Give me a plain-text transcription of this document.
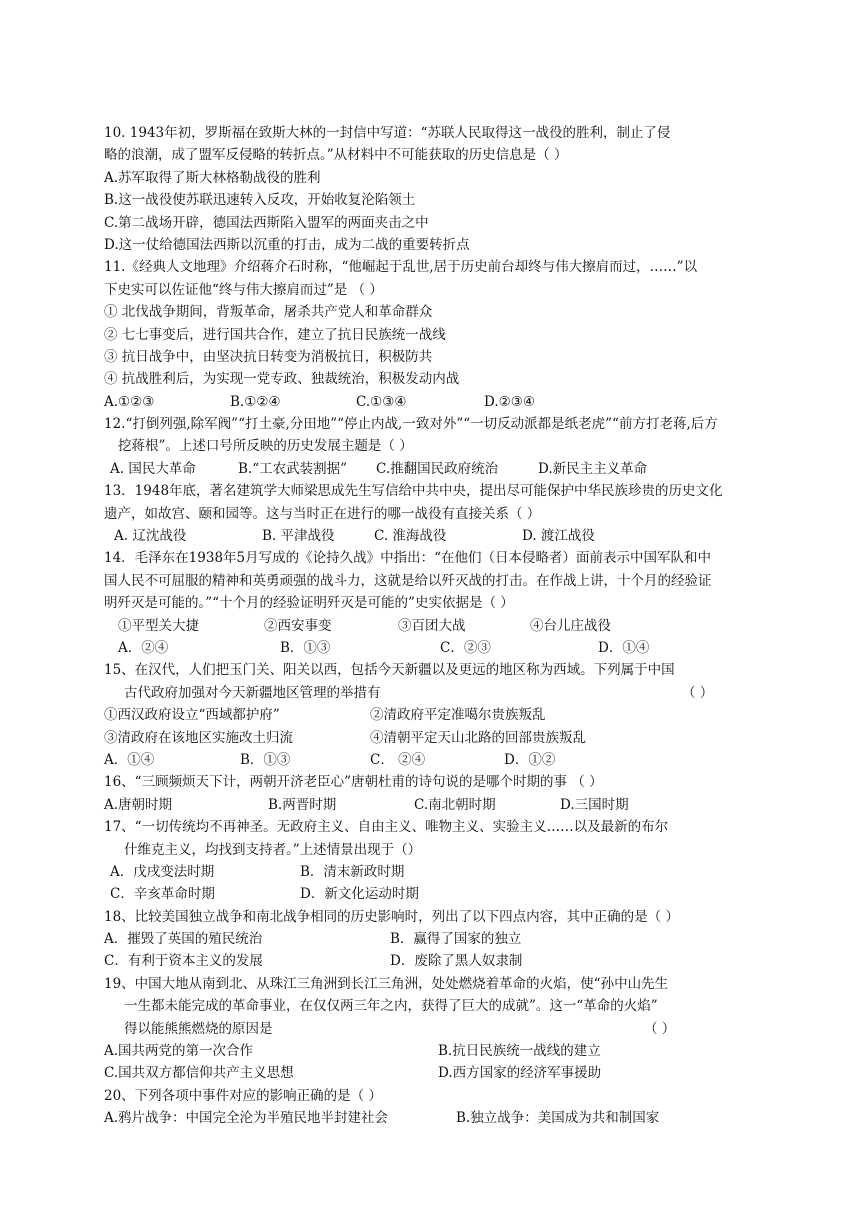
10. 1943年初，罗斯福在致斯大林的一封信中写道：“苏联人民取得这一战役的胜利，制止了侵
略的浪潮，成了盟军反侵略的转折点。”从材料中不可能获取的历史信息是（ ）
A.苏军取得了斯大林格勒战役的胜利
B.这一战役使苏联迅速转入反攻，开始收复沦陷领土
C.第二战场开辟，德国法西斯陷入盟军的两面夹击之中
D.这一仗给德国法西斯以沉重的打击，成为二战的重要转折点
11.《经典人文地理》介绍蒋介石时称，“他崛起于乱世,居于历史前台却终与伟大擦肩而过，……”以
下史实可以佐证他“终与伟大擦肩而过”是 （ ）
① 北伐战争期间，背叛革命，屠杀共产党人和革命群众
② 七七事变后，进行国共合作，建立了抗日民族统一战线
③ 抗日战争中，由坚决抗日转变为消极抗日，积极防共
④ 抗战胜利后，为实现一党专政、独裁统治，积极发动内战
A.①②③	B.①②④	C.①③④	D.②③④
12.“打倒列强,除军阀”“打土豪,分田地”“停止内战,一致对外”“一切反动派都是纸老虎”“前方打老蒋,后方
挖蒋根”。上述口号所反映的历史发展主题是（ ）
A. 国民大革命	B.“工农武装割据” C.推翻国民政府统治	D.新民主主义革命
13．1948年底，著名建筑学大师梁思成先生写信给中共中央，提出尽可能保护中华民族珍贵的历史文化
遗产，如故宫、颐和园等。这与当时正在进行的哪一战役有直接关系（ ）
A. 辽沈战役	B. 平津战役	C. 淮海战役	D. 渡江战役
14．毛泽东在1938年5月写成的《论持久战》中指出：“在他们（日本侵略者）面前表示中国军队和中
国人民不可屈服的精神和英勇顽强的战斗力，这就是给以歼灭战的打击。在作战上讲，十个月的经验证
明歼灭是可能的。”“十个月的经验证明歼灭是可能的”史实依据是（ ）
①平型关大捷	②西安事变	③百团大战	④台儿庄战役
A．②④	B．①③	C．②③	D．①④
15、在汉代，人们把玉门关、阳关以西，包括今天新疆以及更远的地区称为西域。下列属于中国
古代政府加强对今天新疆地区管理的举措有	（ ）
①西汉政府设立“西域都护府”	②清政府平定准噶尔贵族叛乱
③清政府在该地区实施改土归流	④清朝平定天山北路的回部贵族叛乱
A．①④	B．①③	C． ②④	D．①②
16、“三顾频烦天下计，两朝开济老臣心”唐朝杜甫的诗句说的是哪个时期的事 （ ）
A.唐朝时期	B.两晋时期	C.南北朝时期	D.三国时期
17、“一切传统均不再神圣。无政府主义、自由主义、唯物主义、实验主义……以及最新的布尔
什维克主义，均找到支持者。”上述情景出现于（）
A．戊戌变法时期	B．清末新政时期
C．辛亥革命时期	D．新文化运动时期
18、比较美国独立战争和南北战争相同的历史影响时，列出了以下四点内容，其中正确的是（ ）
A．摧毁了英国的殖民统治	B．赢得了国家的独立
C．有利于资本主义的发展	D．废除了黑人奴隶制
19、中国大地从南到北、从珠江三角洲到长江三角洲，处处燃烧着革命的火焰，使“孙中山先生
一生都未能完成的革命事业，在仅仅两三年之内，获得了巨大的成就”。这一“革命的火焰”
得以能熊熊燃烧的原因是	（ ）
A.国共两党的第一次合作	B.抗日民族统一战线的建立
C.国共双方都信仰共产主义思想	D.西方国家的经济军事援助
20、下列各项中事件对应的影响正确的是（ ）
A.鸦片战争：中国完全沦为半殖民地半封建社会	B.独立战争：美国成为共和制国家
